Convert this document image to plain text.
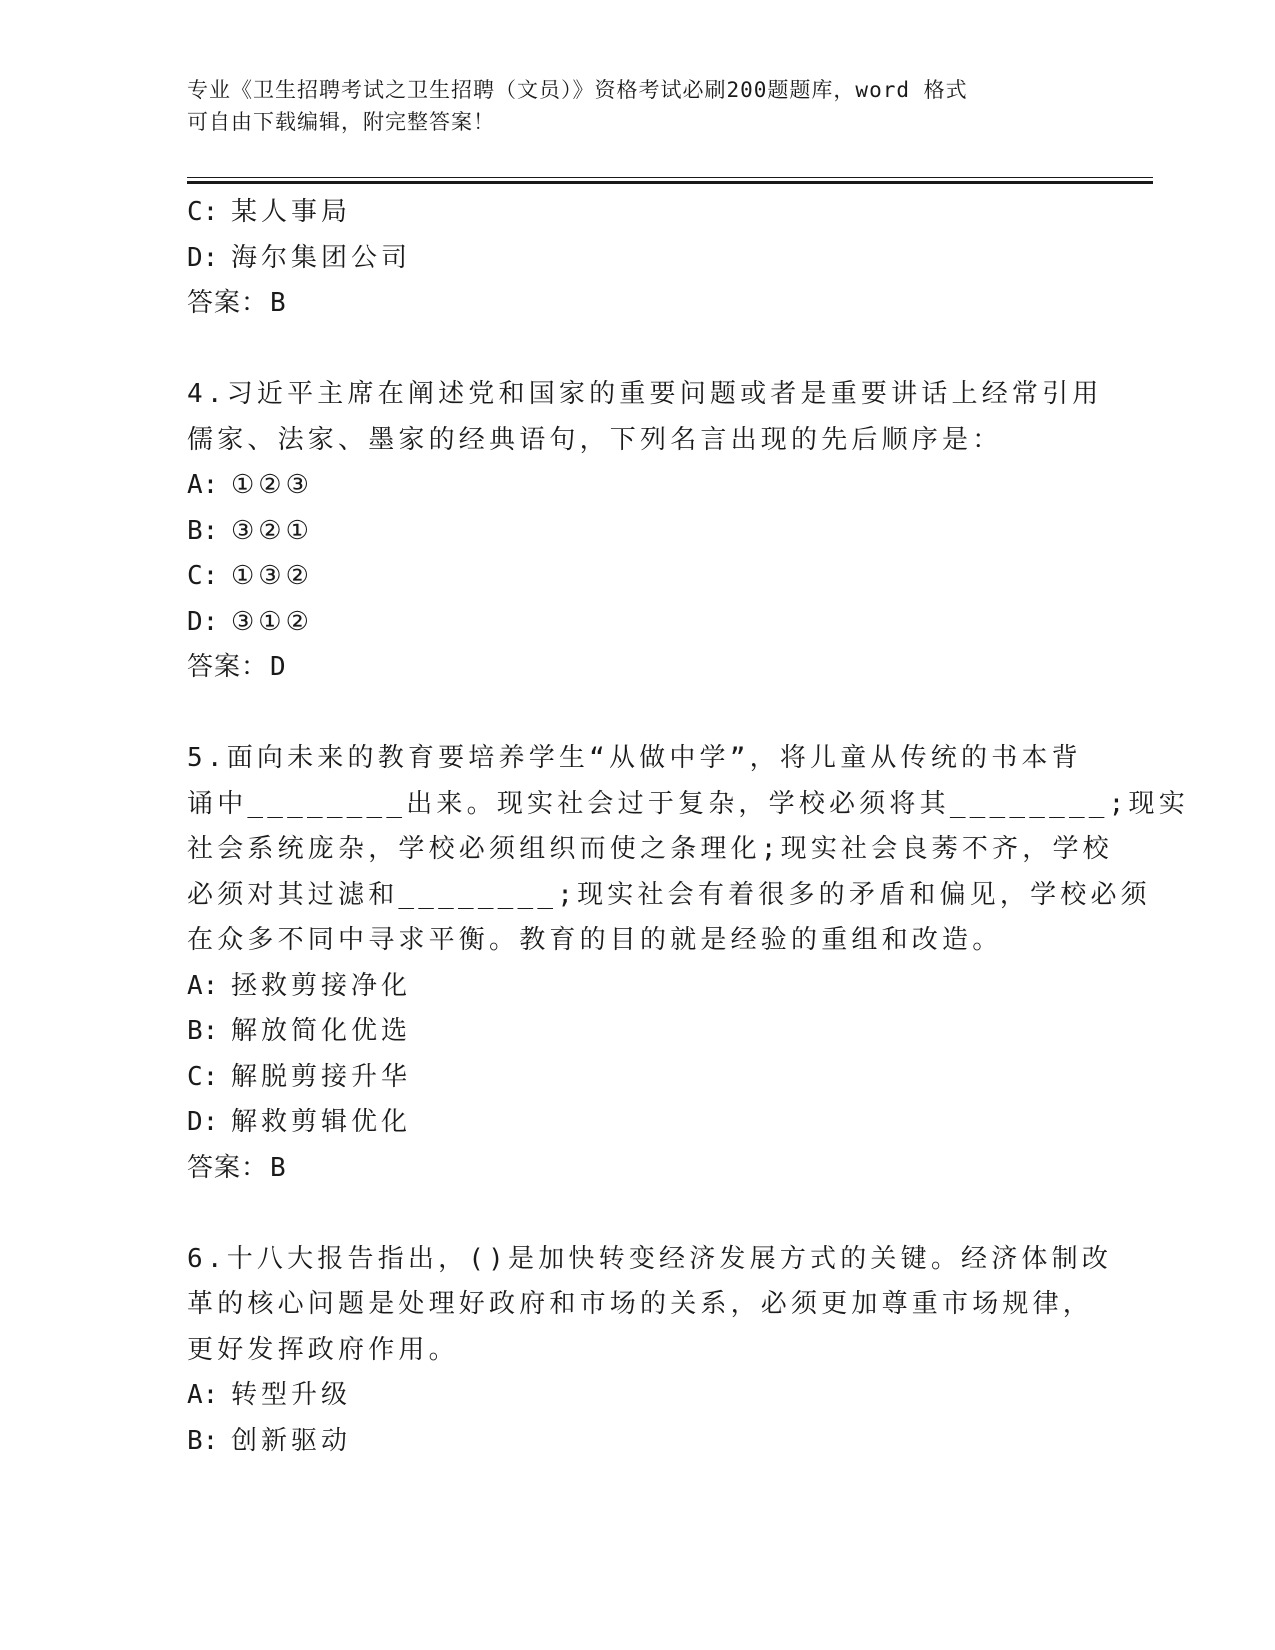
专业《卫生招聘考试之卫生招聘（文员）》资格考试必刷200题题库，word 格式
可自由下载编辑，附完整答案！
C: 某人事局
D: 海尔集团公司
答案：B
4.习近平主席在阐述党和国家的重要问题或者是重要讲话上经常引用
儒家、法家、墨家的经典语句，下列名言出现的先后顺序是：
A: ①②③
B: ③②①
C: ①③②
D: ③①②
答案：D
5.面向未来的教育要培养学生“从做中学”，将儿童从传统的书本背
诵中________出来。现实社会过于复杂，学校必须将其________;现实
社会系统庞杂，学校必须组织而使之条理化;现实社会良莠不齐，学校
必须对其过滤和________;现实社会有着很多的矛盾和偏见，学校必须
在众多不同中寻求平衡。教育的目的就是经验的重组和改造。
A: 拯救剪接净化
B: 解放简化优选
C: 解脱剪接升华
D: 解救剪辑优化
答案：B
6.十八大报告指出，()是加快转变经济发展方式的关键。经济体制改
革的核心问题是处理好政府和市场的关系，必须更加尊重市场规律，
更好发挥政府作用。
A: 转型升级
B: 创新驱动
